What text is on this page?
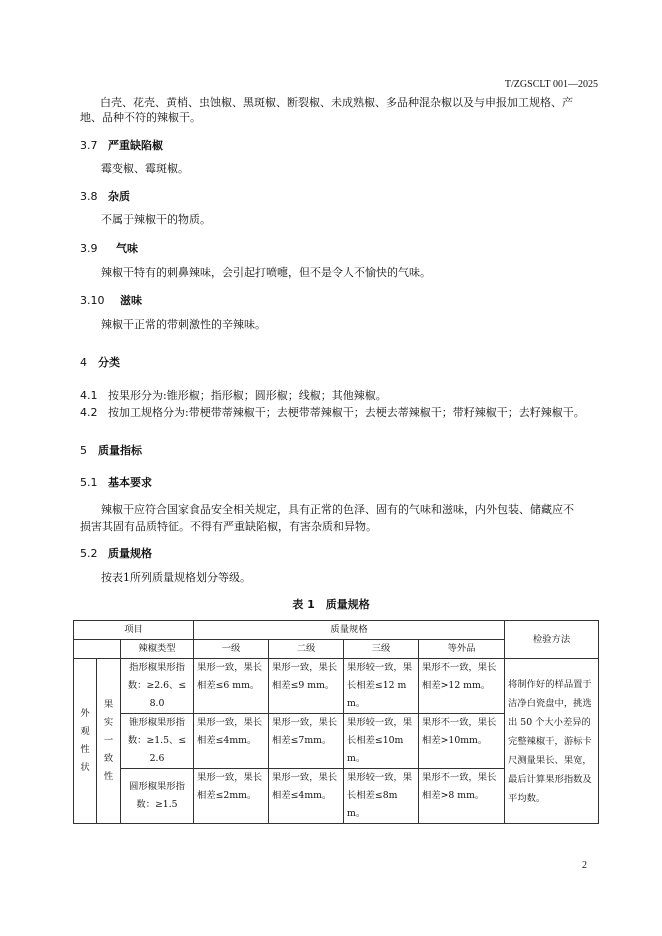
T/ZGSCLT 001—2025
白壳、花壳、黄梢、虫蚀椒、黑斑椒、断裂椒、未成熟椒、多品种混杂椒以及与申报加工规格、产
地、品种不符的辣椒干。
3.7 严重缺陷椒
霉变椒、霉斑椒。
3.8 杂质
不属于辣椒干的物质。
3.9 气味
辣椒干特有的刺鼻辣味，会引起打喷嚏，但不是令人不愉快的气味。
3.10 滋味
辣椒干正常的带刺激性的辛辣味。
4 分类
4.1 按果形分为:锥形椒；指形椒；圆形椒；线椒；其他辣椒。
4.2 按加工规格分为:带梗带蒂辣椒干；去梗带蒂辣椒干；去梗去蒂辣椒干；带籽辣椒干；去籽辣椒干。
5 质量指标
5.1 基本要求
辣椒干应符合国家食品安全相关规定，具有正常的色泽、固有的气味和滋味，内外包装、储藏应不
损害其固有品质特征。不得有严重缺陷椒，有害杂质和异物。
5.2 质量规格
按表1所列质量规格划分等级。
表 1　质量规格
项目			质量规格				检验方法
		辣椒类型	一级	二级	三级	等外品	
外观性状	果实一致性	指形椒果形指数：≥2.6、≤8.0	果形一致，果长相差≤6 mm。	果形一致，果长相差≤9 mm。	果形较一致，果长相差≤12 mm。	果形不一致，果长相差>12 mm。	将制作好的样品置于洁净白瓷盘中，挑选出 50 个大小差异的完整辣椒干，游标卡尺测量果长、果宽，最后计算果形指数及平均数。
		锥形椒果形指数：≥1.5、≤2.6	果形一致，果长相差≤4mm。	果形一致，果长相差≤7mm。	果形较一致，果长相差≤10mm。	果形不一致，果长相差>10mm。	
		圆形椒果形指数：≥1.5	果形一致，果长相差≤2mm。	果形一致，果长相差≤4mm。	果形较一致，果长相差≤8mm。	果形不一致，果长相差>8 mm。	
2
